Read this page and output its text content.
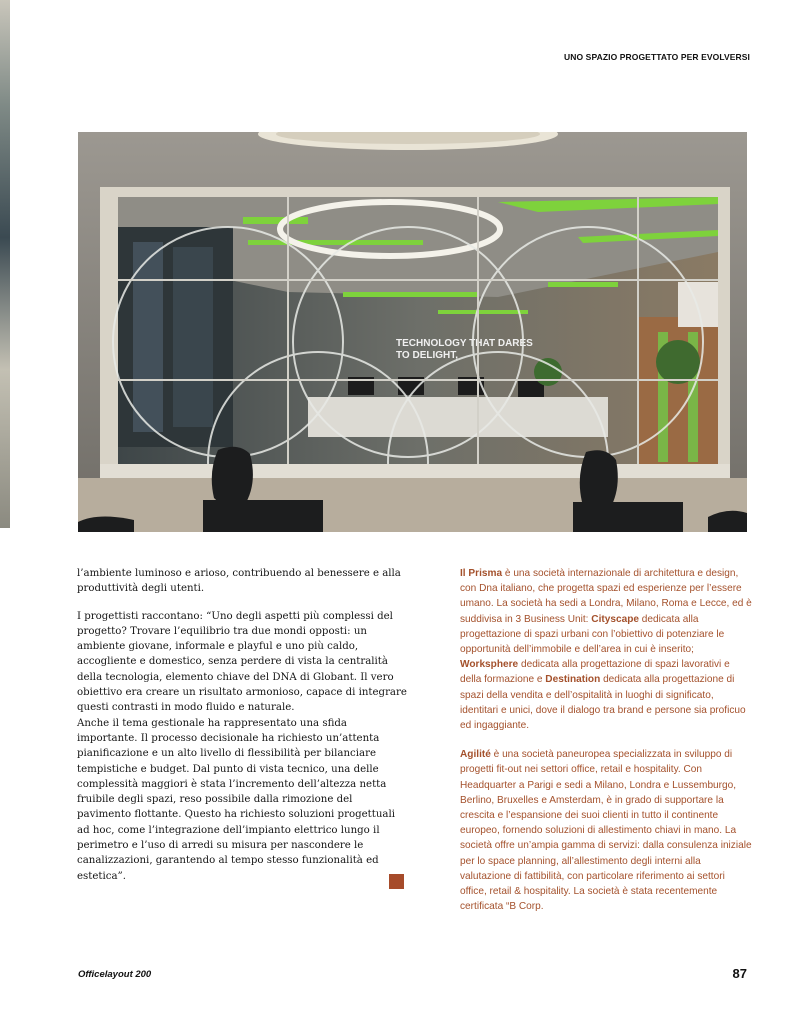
UNO SPAZIO PROGETTATO PER EVOLVERSI
TECHNOLOGY THAT DARES
TO DELIGHT,

l’ambiente luminoso e arioso, contribuendo al benessere e alla produttività degli utenti.

I progettisti raccontano: “Uno degli aspetti più complessi del progetto? Trovare l’equilibrio tra due mondi opposti: un ambiente giovane, informale e playful e uno più caldo, accogliente e domestico, senza perdere di vista la centralità della tecnologia, elemento chiave del DNA di Globant. Il vero obiettivo era creare un risultato armonioso, capace di integrare questi contrasti in modo fluido e naturale.

Anche il tema gestionale ha rappresentato una sfida importante. Il processo decisionale ha richiesto un’attenta pianificazione e un alto livello di flessibilità per bilanciare tempistiche e budget. Dal punto di vista tecnico, una delle complessità maggiori è stata l’incremento dell’altezza netta fruibile degli spazi, reso possibile dalla rimozione del pavimento flottante. Questo ha richiesto soluzioni progettuali ad hoc, come l’integrazione dell’impianto elettrico lungo il perimetro e l’uso di arredi su misura per nascondere le canalizzazioni, garantendo al tempo stesso funzionalità ed estetica”.

Il Prisma è una società internazionale di architettura e design, con Dna italiano, che progetta spazi ed esperienze per l’essere umano. La società ha sedi a Londra, Milano, Roma e Lecce, ed è suddivisa in 3 Business Unit: Cityscape dedicata alla progettazione di spazi urbani con l’obiettivo di potenziare le opportunità dell’immobile e dell’area in cui è inserito; Worksphere dedicata alla progettazione di spazi lavorativi e della formazione e Destination dedicata alla progettazione di spazi della vendita e dell’ospitalità in luoghi di significato, identitari e unici, dove il dialogo tra brand e persone sia proficuo ed ingaggiante.

Agilité è una società paneuropea specializzata in sviluppo di progetti fit-out nei settori office, retail e hospitality. Con Headquarter a Parigi e sedi a Milano, Londra e Lussemburgo, Berlino, Bruxelles e Amsterdam, è in grado di supportare la crescita e l’espansione dei suoi clienti in tutto il continente europeo, fornendo soluzioni di allestimento chiavi in mano. La società offre un’ampia gamma di servizi: dalla consulenza iniziale per lo space planning, all’allestimento degli interni alla valutazione di fattibilità, con particolare riferimento ai settori office, retail & hospitality. La società è stata recentemente certificata “B Corp.

Officelayout 200	87
